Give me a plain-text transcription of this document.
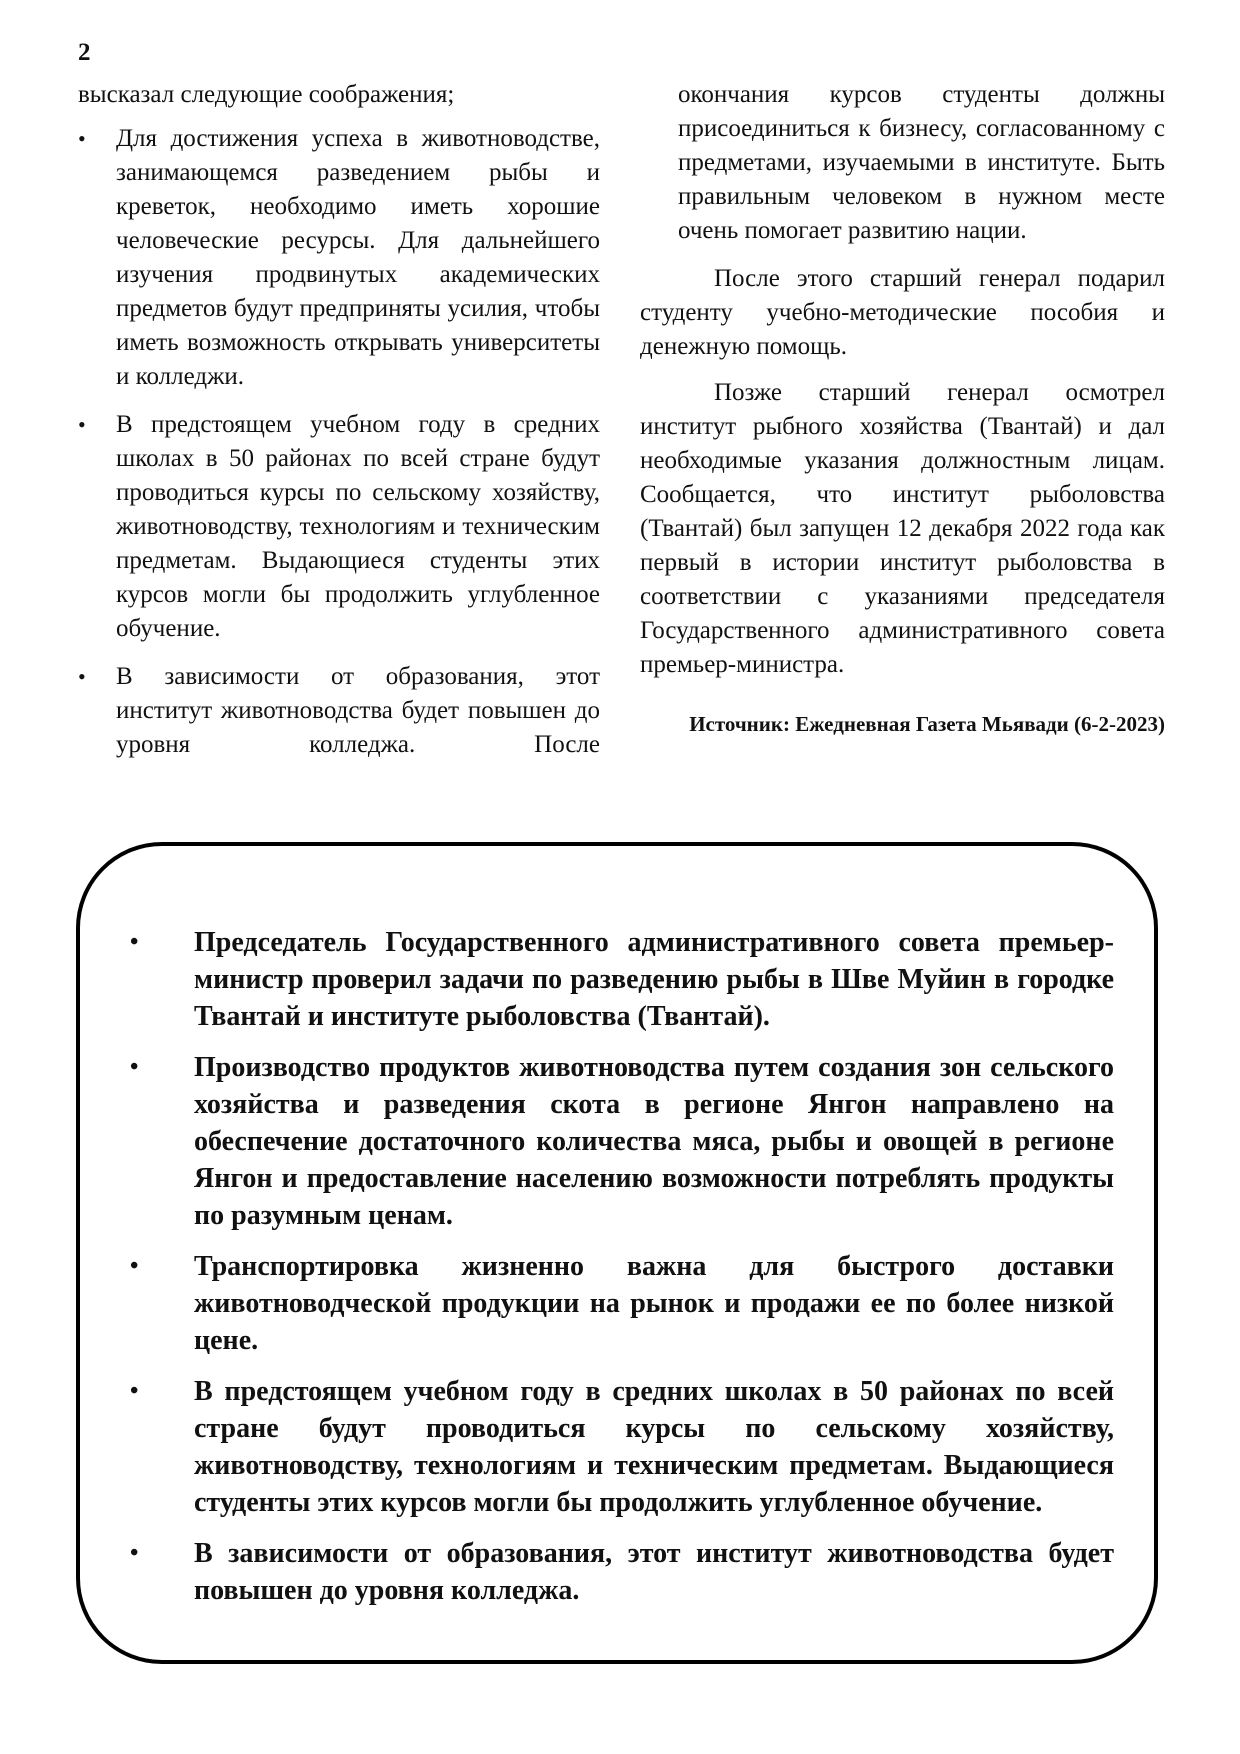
2

высказал следующие соображения;

•	Для достижения успеха в животноводстве, занимающемся разведением рыбы и креветок, необходимо иметь хорошие человеческие ресурсы. Для дальнейшего изучения продвинутых академических предметов будут предприняты усилия, чтобы иметь возможность открывать университеты и колледжи.
•	В предстоящем учебном году в средних школах в 50 районах по всей стране будут проводиться курсы по сельскому хозяйству, животноводству, технологиям и техническим предметам. Выдающиеся студенты этих курсов могли бы продолжить углубленное обучение.
•	В зависимости от образования, этот институт животноводства будет повышен до уровня колледжа. После

окончания курсов студенты должны присоединиться к бизнесу, согласованному с предметами, изучаемыми в институте. Быть правильным человеком в нужном месте очень помогает развитию нации.

После этого старший генерал подарил студенту учебно-методические пособия и денежную помощь.

Позже старший генерал осмотрел институт рыбного хозяйства (Твантай) и дал необходимые указания должностным лицам. Сообщается, что институт рыболовства (Твантай) был запущен 12 декабря 2022 года как первый в истории институт рыболовства в соответствии с указаниями председателя Государственного административного совета премьер-министра.

Источник: Ежедневная Газета Мьявади (6-2-2023)
•	Председатель Государственного административного совета премьер-министр проверил задачи по разведению рыбы в Шве Муйин в городке Твантай и институте рыболовства (Твантай).
•	Производство продуктов животноводства путем создания зон сельского хозяйства и разведения скота в регионе Янгон направлено на обеспечение достаточного количества мяса, рыбы и овощей в регионе Янгон и предоставление населению возможности потреблять продукты по разумным ценам.
•	Транспортировка жизненно важна для быстрого доставки животноводческой продукции на рынок и продажи ее по более низкой цене.
•	В предстоящем учебном году в средних школах в 50 районах по всей стране будут проводиться курсы по сельскому хозяйству, животноводству, технологиям и техническим предметам. Выдающиеся студенты этих курсов могли бы продолжить углубленное обучение.
•	В зависимости от образования, этот институт животноводства будет повышен до уровня колледжа.
